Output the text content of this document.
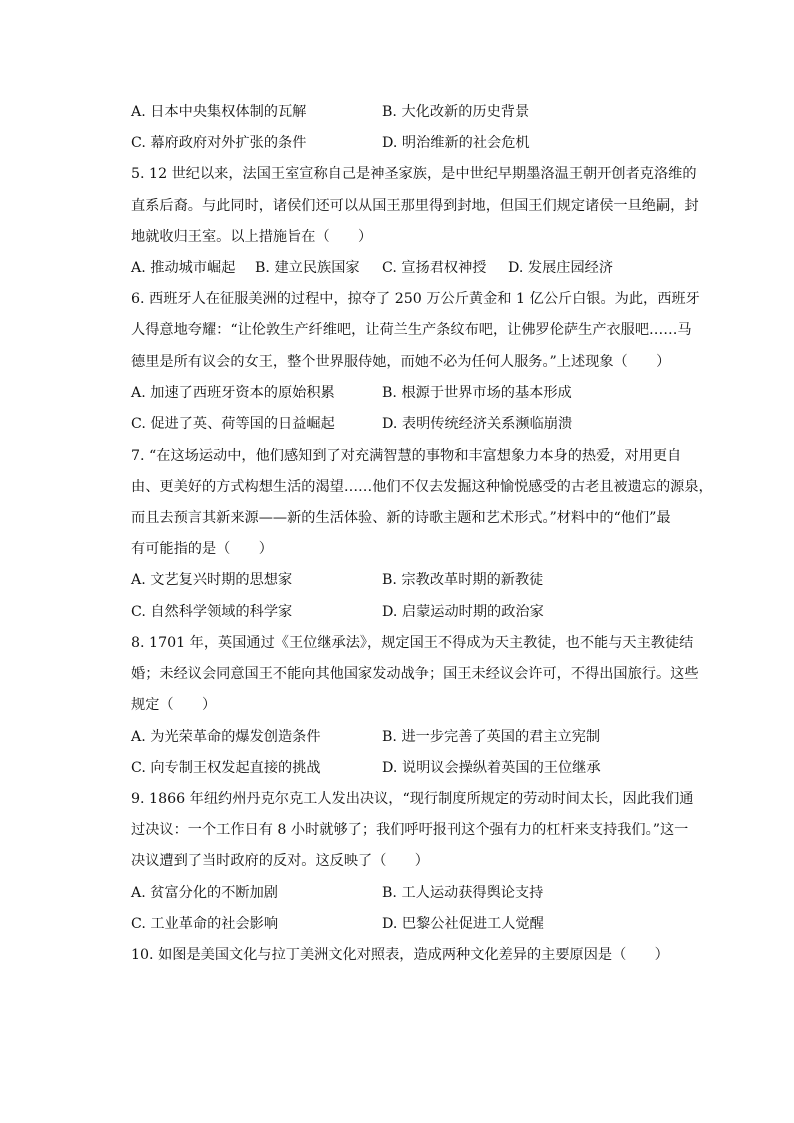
A. 日本中央集权体制的瓦解	B. 大化改新的历史背景
C. 幕府政府对外扩张的条件	D. 明治维新的社会危机
5. 12 世纪以来，法国王室宣称自己是神圣家族，是中世纪早期墨洛温王朝开创者克洛维的
直系后裔。与此同时，诸侯们还可以从国王那里得到封地，但国王们规定诸侯一旦绝嗣，封
地就收归王室。以上措施旨在（　　）
A. 推动城市崛起 B. 建立民族国家 C. 宣扬君权神授 D. 发展庄园经济
6. 西班牙人在征服美洲的过程中，掠夺了 250 万公斤黄金和 1 亿公斤白银。为此，西班牙
人得意地夸耀：“让伦敦生产纤维吧，让荷兰生产条纹布吧，让佛罗伦萨生产衣服吧……马
德里是所有议会的女王，整个世界服侍她，而她不必为任何人服务。”上述现象（　　）
A. 加速了西班牙资本的原始积累	B. 根源于世界市场的基本形成
C. 促进了英、荷等国的日益崛起	D. 表明传统经济关系濒临崩溃
7. “在这场运动中，他们感知到了对充满智慧的事物和丰富想象力本身的热爱，对用更自
由、更美好的方式构想生活的渴望……他们不仅去发掘这种愉悦感受的古老且被遗忘的源泉，
而且去预言其新来源——新的生活体验、新的诗歌主题和艺术形式。”材料中的“他们”最
有可能指的是（　　）
A. 文艺复兴时期的思想家	B. 宗教改革时期的新教徒
C. 自然科学领域的科学家	D. 启蒙运动时期的政治家
8. 1701 年，英国通过《王位继承法》，规定国王不得成为天主教徒，也不能与天主教徒结
婚；未经议会同意国王不能向其他国家发动战争；国王未经议会许可，不得出国旅行。这些
规定（　　）
A. 为光荣革命的爆发创造条件	B. 进一步完善了英国的君主立宪制
C. 向专制王权发起直接的挑战	D. 说明议会操纵着英国的王位继承
9. 1866 年纽约州丹克尔克工人发出决议，“现行制度所规定的劳动时间太长，因此我们通
过决议：一个工作日有 8 小时就够了；我们呼吁报刊这个强有力的杠杆来支持我们。”这一
决议遭到了当时政府的反对。这反映了（　　）
A. 贫富分化的不断加剧	B. 工人运动获得舆论支持
C. 工业革命的社会影响	D. 巴黎公社促进工人觉醒
10. 如图是美国文化与拉丁美洲文化对照表，造成两种文化差异的主要原因是（　　）
